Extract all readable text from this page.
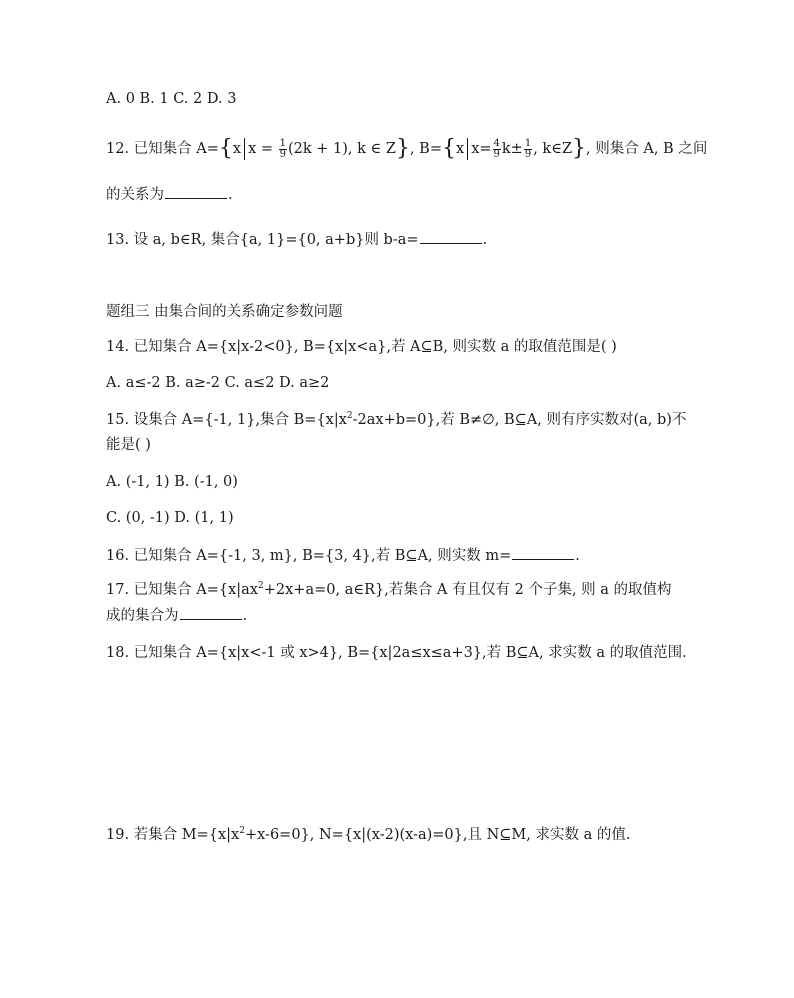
A. 0 B. 1 C. 2 D. 3
12. 已知集合 A={x $x = \frac{1}{9} (2k + 1)$, k ∈ Z}, B={x $x= \frac{4}{9} k\pm \frac{1}{9}$ , k∈Z}, 则集合 A, B 之间
的关系为	.
13. 设 a, b∈R, 集合{a, 1}={0, a+b}则 b-a=	.
题组三 由集合间的关系确定参数问题
14. 已知集合 A={x|x-2<0}, B={x|x<a},若 A⊆B, 则实数 a 的取值范围是( )
A. a≤-2 B. a≥-2 C. a≤2 D. a≥2
15. 设集合 A={-1, 1},集合 $B=\{x|x^2-2ax+b=0\}$,若 B≠∅, B⊆A, 则有序实数对(a, b)不
能是( )
A. (-1, 1) B. (-1, 0)
C. (0, -1) D. (1, 1)
16. 已知集合 A={-1, 3, m}, B={3, 4},若 B⊆A, 则实数 m=	.
17. 已知集合 $A=\{x|ax^2+2x+a=0$, a∈R},若集合 A 有且仅有 2 个子集, 则 a 的取值构
成的集合为	.
18. 已知集合 A={x|x<-1 或 x>4}, B={x|2a≤x≤a+3},若 B⊆A, 求实数 a 的取值范围.
19. 若集合 $M=\{x|x^2+x-6=0\}$, N={x|(x-2)(x-a)=0},且 N⊆M, 求实数 a 的值.
